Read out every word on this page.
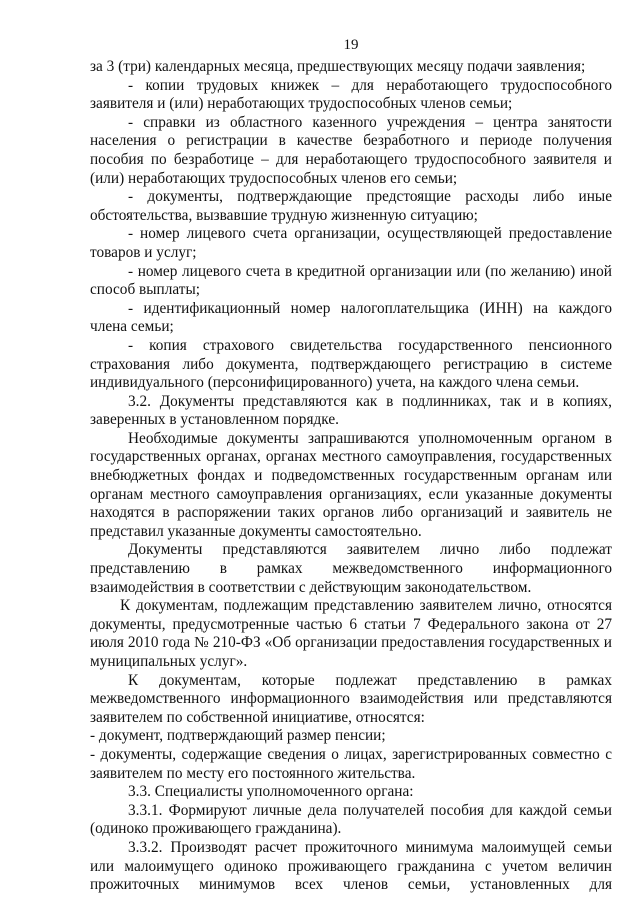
19

за 3 (три) календарных месяца, предшествующих месяцу подачи заявления;

- копии трудовых книжек – для неработающего трудоспособного заявителя и (или) неработающих трудоспособных членов семьи;

- справки из областного казенного учреждения – центра занятости населения о регистрации в качестве безработного и периоде получения пособия по безработице – для неработающего трудоспособного заявителя и (или) неработающих трудоспособных членов его семьи;

- документы, подтверждающие предстоящие расходы либо иные обстоятельства, вызвавшие трудную жизненную ситуацию;

- номер лицевого счета организации, осуществляющей предоставление товаров и услуг;

- номер лицевого счета в кредитной организации или (по желанию) иной способ выплаты;

- идентификационный номер налогоплательщика (ИНН) на каждого члена семьи;

- копия страхового свидетельства государственного пенсионного страхования либо документа, подтверждающего регистрацию в системе индивидуального (персонифицированного) учета, на каждого члена семьи.

3.2. Документы представляются как в подлинниках, так и в копиях, заверенных в установленном порядке.

Необходимые документы запрашиваются уполномоченным органом в государственных органах, органах местного самоуправления, государственных внебюджетных фондах и подведомственных государственным органам или органам местного самоуправления организациях, если указанные документы находятся в распоряжении таких органов либо организаций и заявитель не представил указанные документы самостоятельно.

Документы представляются заявителем лично либо подлежат представлению в рамках межведомственного информационного взаимодействия в соответствии с действующим законодательством.

К документам, подлежащим представлению заявителем лично, относятся документы, предусмотренные частью 6 статьи 7 Федерального закона от 27 июля 2010 года № 210-ФЗ «Об организации предоставления государственных и муниципальных услуг».

К документам, которые подлежат представлению в рамках межведомственного информационного взаимодействия или представляются заявителем по собственной инициативе, относятся:

- документ, подтверждающий размер пенсии;

- документы, содержащие сведения о лицах, зарегистрированных совместно с заявителем по месту его постоянного жительства.

3.3. Специалисты уполномоченного органа:

3.3.1. Формируют личные дела получателей пособия для каждой семьи (одиноко проживающего гражданина).

3.3.2. Производят расчет прожиточного минимума малоимущей семьи или малоимущего одиноко проживающего гражданина с учетом величин прожиточных минимумов всех членов семьи, установленных для
